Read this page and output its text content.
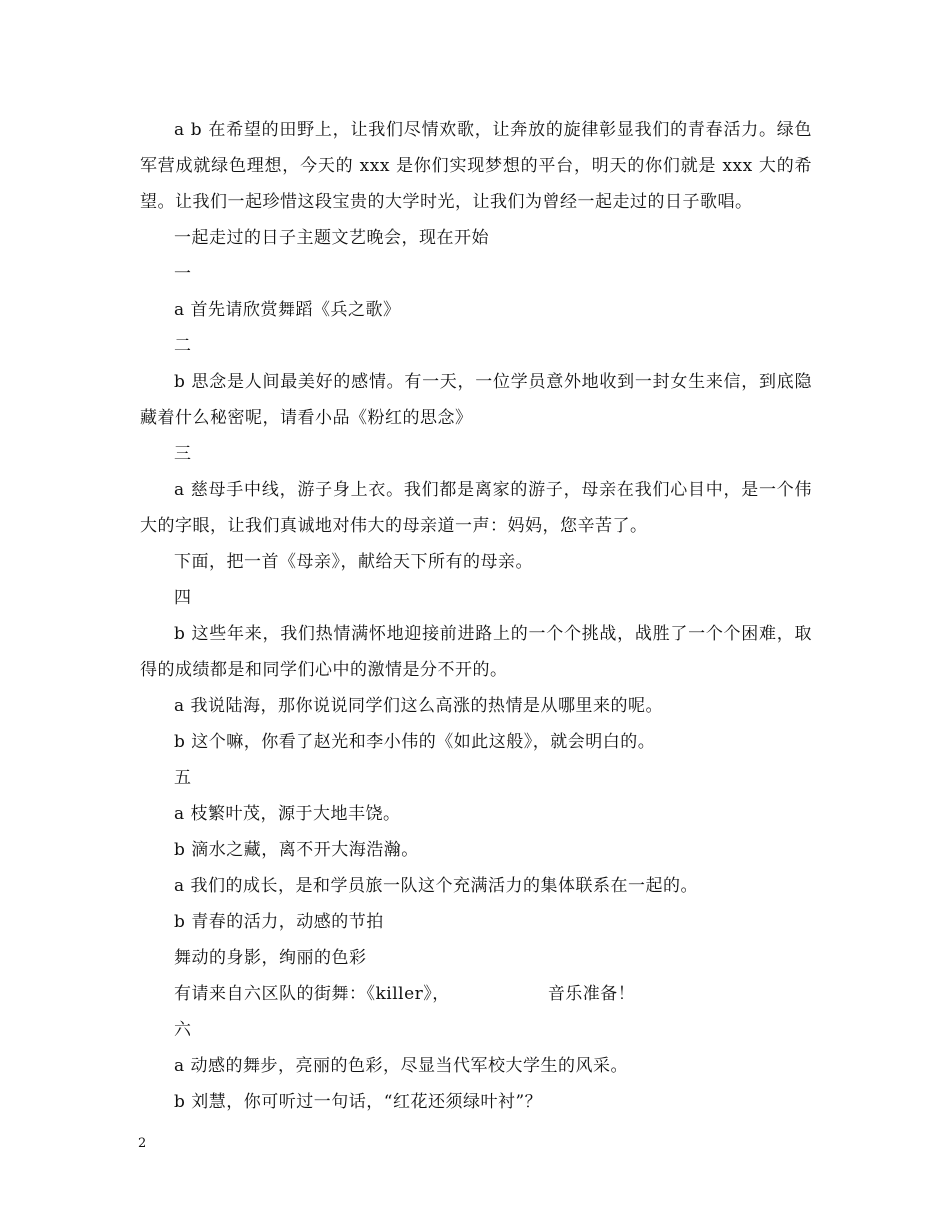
a b 在希望的田野上，让我们尽情欢歌，让奔放的旋律彰显我们的青春活力。绿色军营成就绿色理想，今天的 xxx 是你们实现梦想的平台，明天的你们就是 xxx 大的希望。让我们一起珍惜这段宝贵的大学时光，让我们为曾经一起走过的日子歌唱。

一起走过的日子主题文艺晚会，现在开始

一

a 首先请欣赏舞蹈《兵之歌》

二

b 思念是人间最美好的感情。有一天，一位学员意外地收到一封女生来信，到底隐藏着什么秘密呢，请看小品《粉红的思念》

三

a 慈母手中线，游子身上衣。我们都是离家的游子，母亲在我们心目中，是一个伟大的字眼，让我们真诚地对伟大的母亲道一声：妈妈，您辛苦了。

下面，把一首《母亲》，献给天下所有的母亲。

四

b 这些年来，我们热情满怀地迎接前进路上的一个个挑战，战胜了一个个困难，取得的成绩都是和同学们心中的激情是分不开的。

a 我说陆海，那你说说同学们这么高涨的热情是从哪里来的呢。

b 这个嘛，你看了赵光和李小伟的《如此这般》，就会明白的。

五

a 枝繁叶茂，源于大地丰饶。

b 滴水之藏，离不开大海浩瀚。

a 我们的成长，是和学员旅一队这个充满活力的集体联系在一起的。

b 青春的活力，动感的节拍

舞动的身影，绚丽的色彩

有请来自六区队的街舞：《killer》，	音乐准备！

六

a 动感的舞步，亮丽的色彩，尽显当代军校大学生的风采。

b 刘慧，你可听过一句话，“红花还须绿叶衬”？

2
